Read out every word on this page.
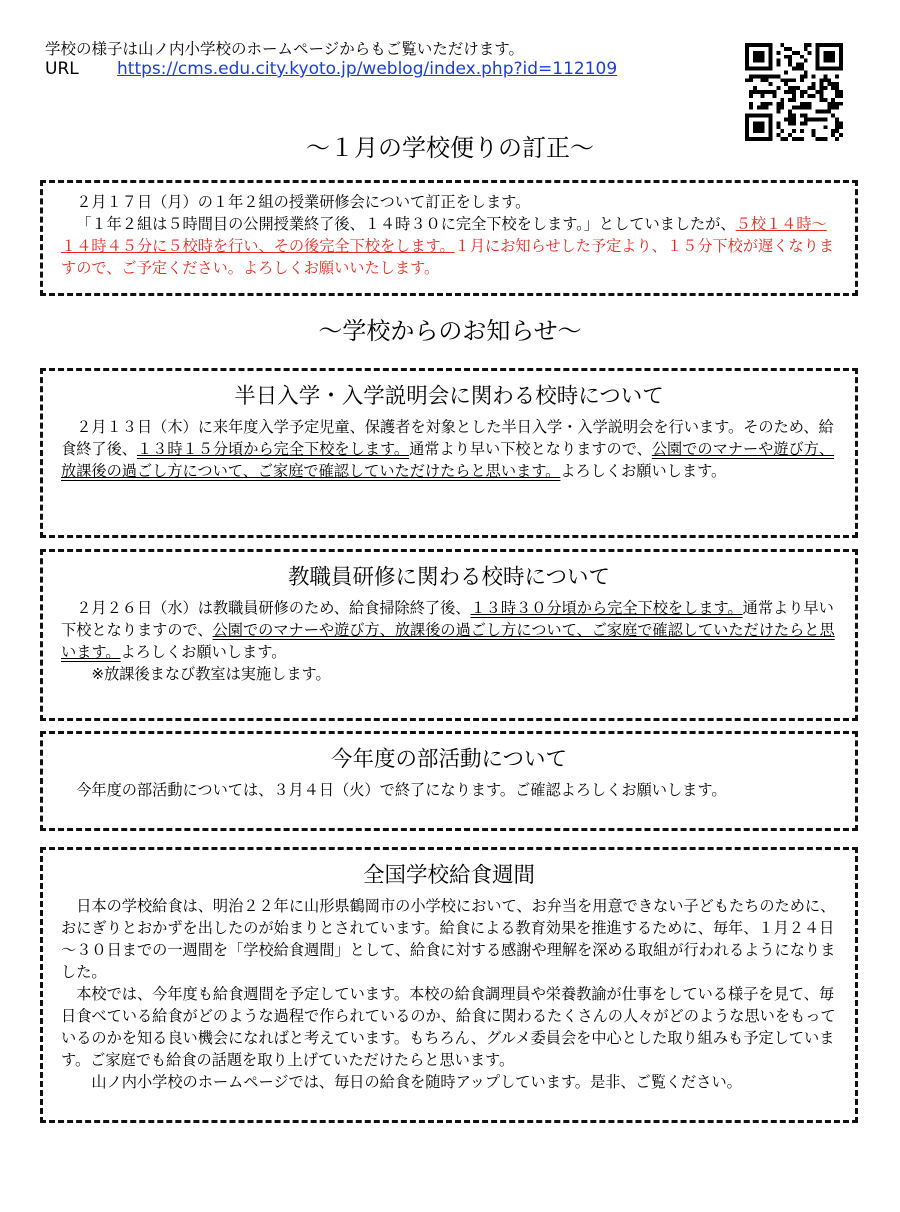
学校の様子は山ノ内小学校のホームページからもご覧いただけます。
URL https://cms.edu.city.kyoto.jp/weblog/index.php?id=112109
～１月の学校便りの訂正～

２月１７日（月）の１年２組の授業研修会について訂正をします。

「１年２組は５時間目の公開授業終了後、１４時３０に完全下校をします。」としていましたが、５校１４時～１４時４５分に５校時を行い、その後完全下校をします。１月にお知らせした予定より、１５分下校が遅くなりますので、ご予定ください。よろしくお願いいたします。

～学校からのお知らせ～
半日入学・入学説明会に関わる校時について

２月１３日（木）に来年度入学予定児童、保護者を対象とした半日入学・入学説明会を行います。そのため、給食終了後、１３時１５分頃から完全下校をします。通常より早い下校となりますので、公園でのマナーや遊び方、放課後の過ごし方について、ご家庭で確認していただけたらと思います。よろしくお願いします。

教職員研修に関わる校時について

２月２６日（水）は教職員研修のため、給食掃除終了後、１３時３０分頃から完全下校をします。通常より早い下校となりますので、公園でのマナーや遊び方、放課後の過ごし方について、ご家庭で確認していただけたらと思います。よろしくお願いします。

※放課後まなび教室は実施します。

今年度の部活動について

今年度の部活動については、３月４日（火）で終了になります。ご確認よろしくお願いします。

全国学校給食週間

日本の学校給食は、明治２２年に山形県鶴岡市の小学校において、お弁当を用意できない子どもたちのために、おにぎりとおかずを出したのが始まりとされています。給食による教育効果を推進するために、毎年、１月２４日～３０日までの一週間を「学校給食週間」として、給食に対する感謝や理解を深める取組が行われるようになりました。

本校では、今年度も給食週間を予定しています。本校の給食調理員や栄養教諭が仕事をしている様子を見て、毎日食べている給食がどのような過程で作られているのか、給食に関わるたくさんの人々がどのような思いをもっているのかを知る良い機会になればと考えています。もちろん、グルメ委員会を中心とした取り組みも予定しています。ご家庭でも給食の話題を取り上げていただけたらと思います。

山ノ内小学校のホームページでは、毎日の給食を随時アップしています。是非、ご覧ください。
